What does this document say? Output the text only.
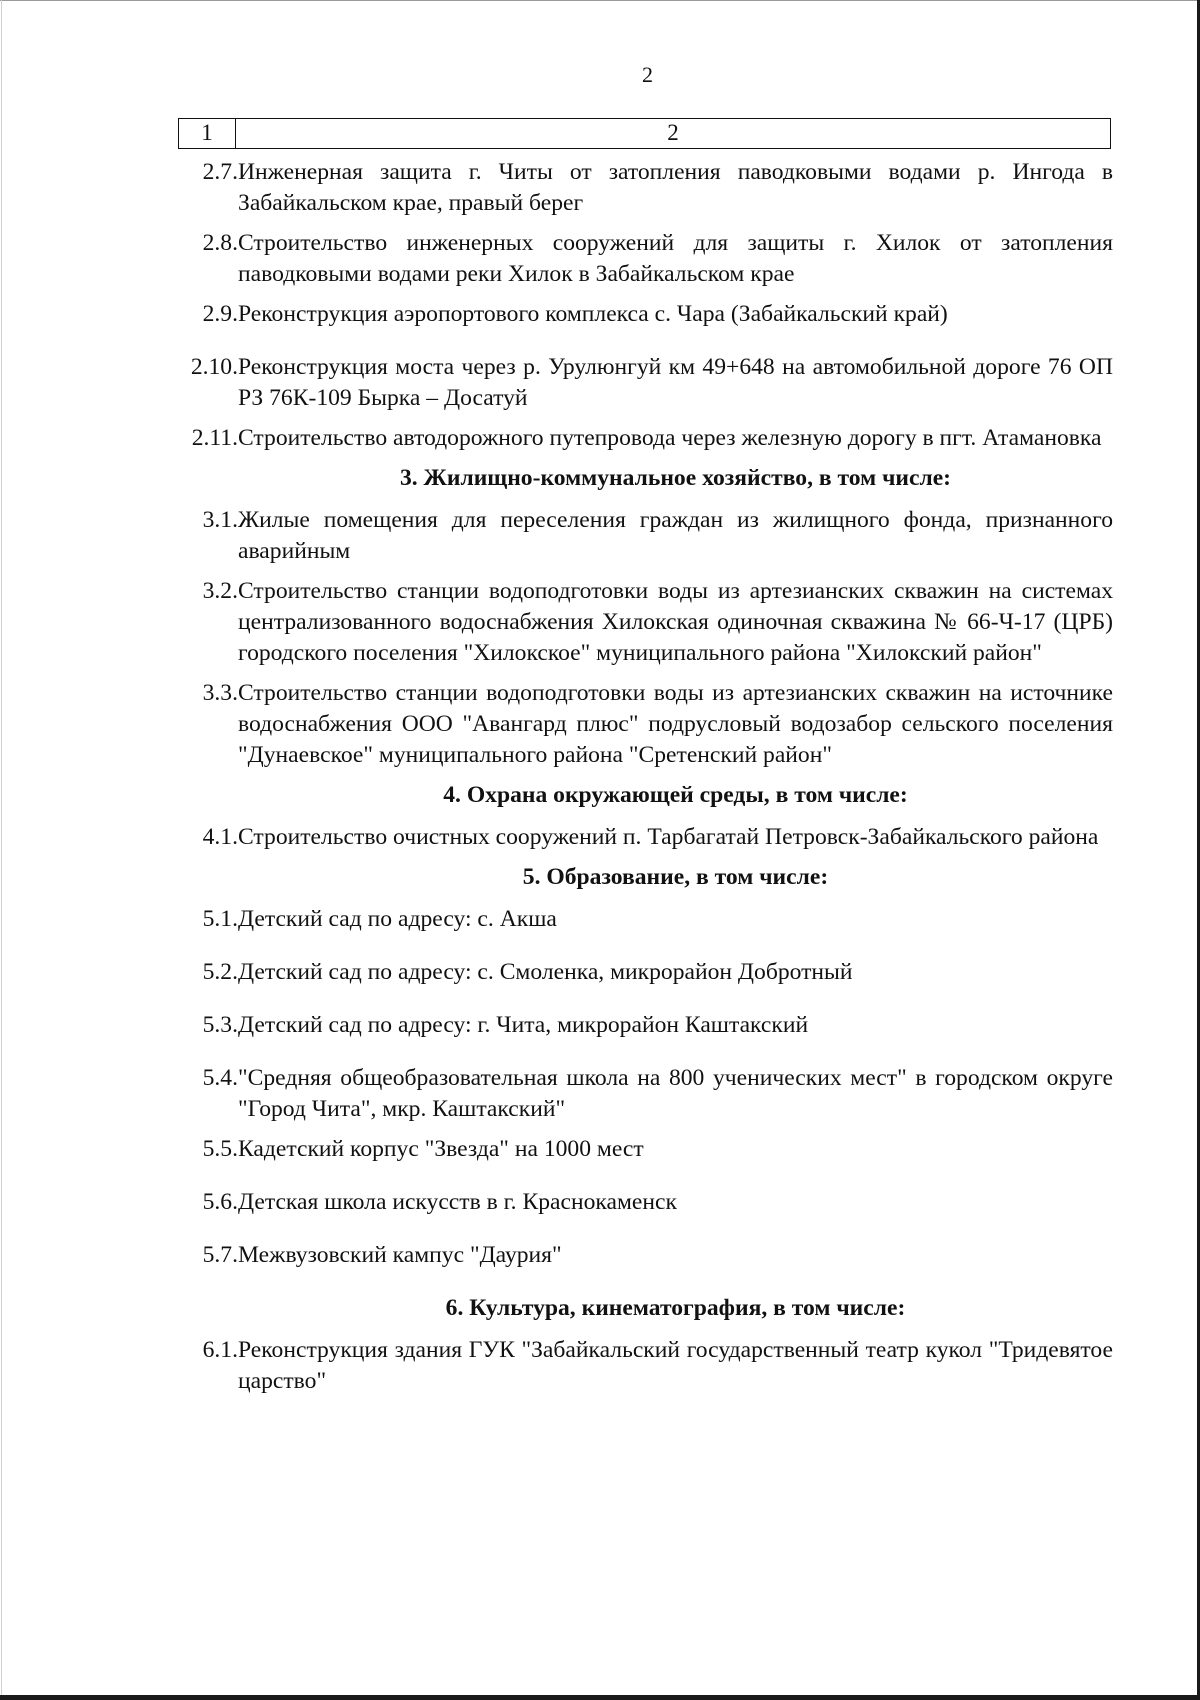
2
1	2
2.7. Инженерная защита г. Читы от затопления паводковыми водами р. Ингода в Забайкальском крае, правый берег
2.8. Строительство инженерных сооружений для защиты г. Хилок от затопления паводковыми водами реки Хилок в Забайкальском крае
2.9. Реконструкция аэропортового комплекса с. Чара (Забайкальский край)
2.10. Реконструкция моста через р. Урулюнгуй км 49+648 на автомобильной дороге 76 ОП РЗ 76К-109 Бырка – Досатуй
2.11. Строительство автодорожного путепровода через железную дорогу в пгт. Атамановка
3. Жилищно-коммунальное хозяйство, в том числе:
3.1. Жилые помещения для переселения граждан из жилищного фонда, признанного аварийным
3.2. Строительство станции водоподготовки воды из артезианских скважин на системах централизованного водоснабжения Хилокская одиночная скважина № 66-Ч-17 (ЦРБ) городского поселения "Хилокское" муниципального района "Хилокский район"
3.3. Строительство станции водоподготовки воды из артезианских скважин на источнике водоснабжения ООО "Авангард плюс" подрусловый водозабор сельского поселения "Дунаевское" муниципального района "Сретенский район"
4. Охрана окружающей среды, в том числе:
4.1. Строительство очистных сооружений п. Тарбагатай Петровск-Забайкальского района
5. Образование, в том числе:
5.1. Детский сад по адресу: с. Акша
5.2. Детский сад по адресу: с. Смоленка, микрорайон Добротный
5.3. Детский сад по адресу: г. Чита, микрорайон Каштакский
5.4. "Средняя общеобразовательная школа на 800 ученических мест" в городском округе "Город Чита", мкр. Каштакский"
5.5. Кадетский корпус "Звезда" на 1000 мест
5.6. Детская школа искусств в г. Краснокаменск
5.7. Межвузовский кампус "Даурия"
6. Культура, кинематография, в том числе:
6.1. Реконструкция здания ГУК "Забайкальский государственный театр кукол "Тридевятое царство"
